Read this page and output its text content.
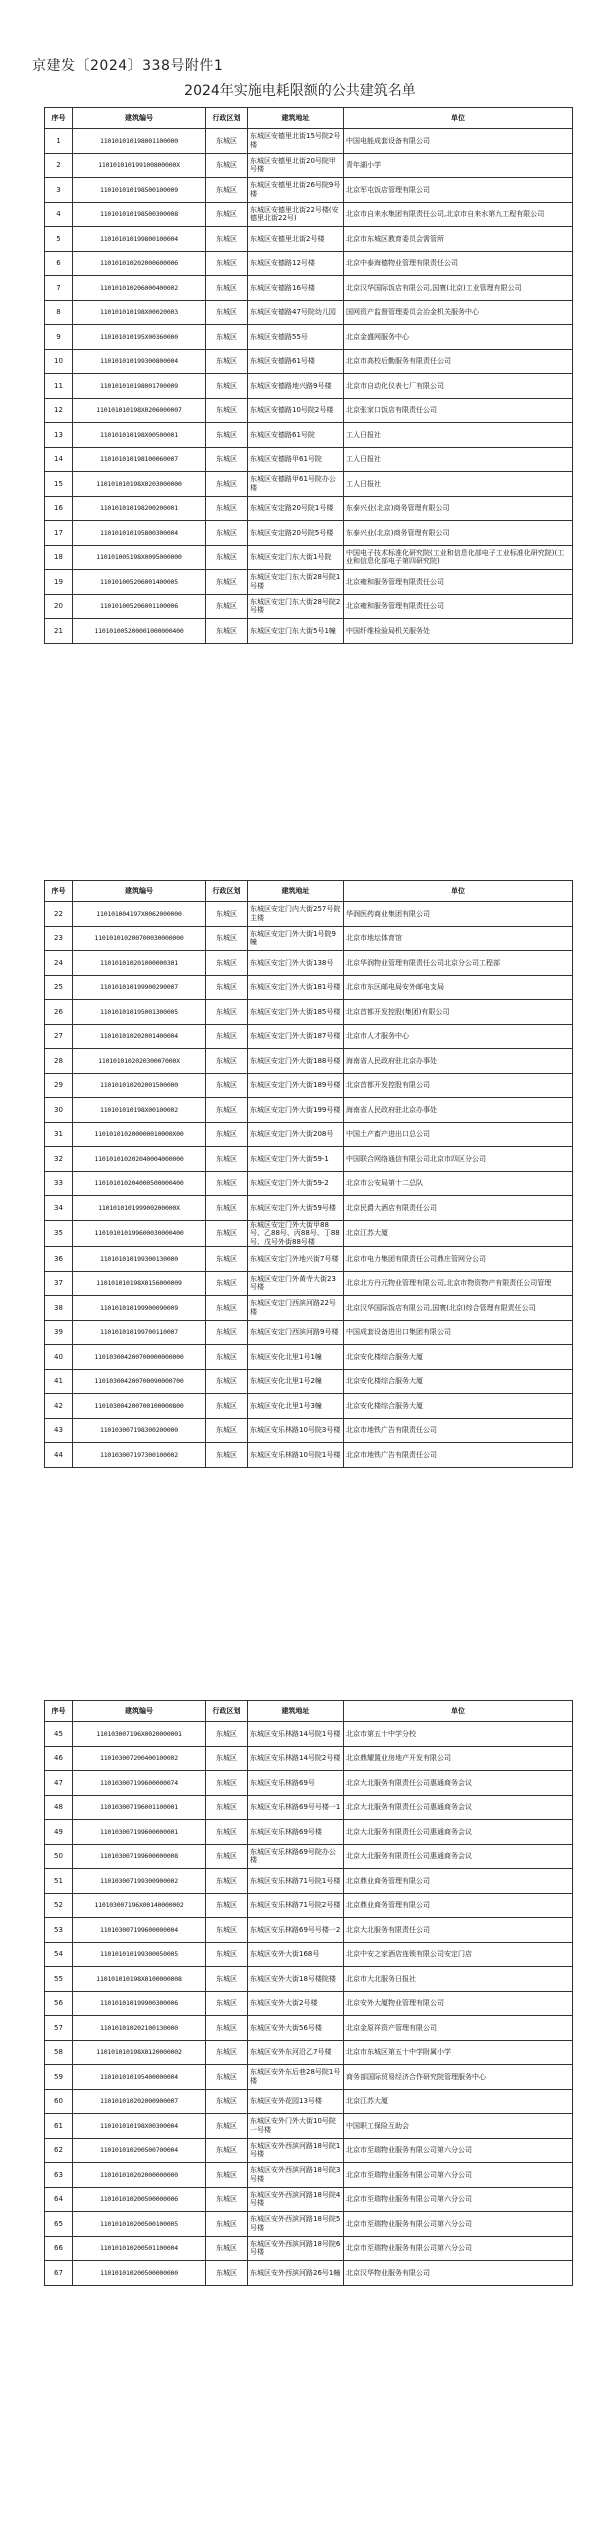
京建发〔2024〕338号附件1
2024年实施电耗限额的公共建筑名单
序号	建筑编号	行政区划	建筑地址	单位
1	110101010198001100000	东城区	东城区安德里北街15号院2号楼	中国电能成套设备有限公司
2	110101010199100800000X	东城区	东城区安德里北街20号院甲号楼	青年湖小学
3	110101010198500100009	东城区	东城区安德里北街26号院9号楼	北京军屯饭店管理有限公司
4	110101010198500300008	东城区	东城区安德里北街22号楼(安德里北街22号)	北京市自来水集团有限责任公司,北京市自来水第九工程有限公司
5	110101010199800100004	东城区	东城区安德里北街2号楼	北京市东城区教育委员会需管所
6	110101010202000600006	东城区	东城区安德路12号楼	北京中泰海德物业管理有限责任公司
7	110101010206000400002	东城区	东城区安德路16号楼	北京汉华国际饭店有限公司,国寰(北京)工业管理有限公司
8	110101010198X00020003	东城区	东城区安德路47号院幼儿园	国网资产监督管理委员会冶金机关服务中心
9	110101010195X00360000	东城区	东城区安德路55号	北京金盛网服务中心
10	110101010199300800004	东城区	东城区安德路61号楼	北京市高校后勤服务有限责任公司
11	110101010198001700009	东城区	东城区安德路地兴路9号楼	北京市自动化仪表七厂有限公司
12	110101010198X0206000007	东城区	东城区安德路10号院2号楼	北京张家口饭店有限责任公司
13	110101010198X00500001	东城区	东城区安德路61号院	工人日报社
14	110101010198100060007	东城区	东城区安德路甲61号院	工人日报社
15	110101010198X0203000000	东城区	东城区安德路甲61号院办公楼	工人日报社
16	110101010198200200001	东城区	东城区安定路20号院1号楼	东泰兴业(北京)商务管理有限公司
17	110101010195800300004	东城区	东城区安定路20号院5号楼	东泰兴业(北京)商务管理有限公司
18	110101005198X0095000000	东城区	东城区安定门东大街1号院	中国电子技术标准化研究院(工业和信息化部电子工业标准化研究院)(工业和信息化部电子第四研究院)
19	110101005206001400005	东城区	东城区安定门东大街28号院1号楼	北京雍和服务管理有限责任公司
20	110101005206001100006	东城区	东城区安定门东大街28号院2号楼	北京雍和服务管理有限责任公司
21	110101005200001000000400	东城区	东城区安定门东大街5号1幢	中国纤维检验局机关服务处
序号	建筑编号	行政区划	建筑地址	单位
22	110101004197X0062000000	东城区	东城区安定门内大街257号院主楼	华润医药商业集团有限公司
23	110101010200700030000000	东城区	东城区安定门外大街1号院9幢	北京市地坛体育馆
24	110101010201000000301	东城区	东城区安定门外大街138号	北京华润物业管理有限责任公司北京分公司工程部
25	110101010199900290007	东城区	东城区安定门外大街181号楼	北京市东区邮电局安外邮电支局
26	110101010195001300005	东城区	东城区安定门外大街185号楼	北京首都开发控股(集团)有限公司
27	110101010202001400004	东城区	东城区安定门外大街187号楼	北京市人才服务中心
28	110101010202030007000X	东城区	东城区安定门外大街188号楼	海南省人民政府驻北京办事处
29	110101010202001500000	东城区	东城区安定门外大街189号楼	北京首都开发控股有限公司
30	110101010198X00100002	东城区	东城区安定门外大街199号楼	海南省人民政府驻北京办事处
31	110101010200000010000X00	东城区	东城区安定门外大街208号	中国土产畜产进出口总公司
32	110101010202040004000000	东城区	东城区安定门外大街59-1	中国联合网络通信有限公司北京市四区分公司
33	110101010204000500000400	东城区	东城区安定门外大街59-2	北京市公安局第十二总队
34	110101010199900200000X	东城区	东城区安定门外大街59号楼	北京民爵大酒店有限责任公司
35	110101010199600030000400	东城区	东城区安定门外大街甲88号、乙88号、丙88号、丁88号、戊号外街88号楼	北京江苏大厦
36	110101010199300130000	东城区	东城区安定门外地兴街7号楼	北京市电力集团有限责任公司鼎庄管网分公司
37	110101010198X0156000009	东城区	东城区安定门外黄寺大街23号楼	北京北方丹元物业管理有限公司,北京市物资物产有限责任公司管理
38	110101010199900090009	东城区	东城区安定门西滨河路22号楼	北京汉华国际饭店有限公司,国寰(北京)综合管理有限责任公司
39	110101010199700110007	东城区	东城区安定门西滨河路9号楼	中国成套设备进出口集团有限公司
40	110103004200700000000000	东城区	东城区安化北里1号1幢	北京安化楼综合服务大厦
41	110103004200700090000700	东城区	东城区安化北里1号2幢	北京安化楼综合服务大厦
42	110103004200700100000800	东城区	东城区安化北里1号3幢	北京安化楼综合服务大厦
43	110103007198300200000	东城区	东城区安乐林路10号院3号楼	北京市地铁广告有限责任公司
44	110103007197300100002	东城区	东城区安乐林路10号院1号楼	北京市地铁广告有限责任公司
序号	建筑编号	行政区划	建筑地址	单位
45	110103007196X0020000001	东城区	东城区安乐林路14号院1号楼	北京市第五十中学分校
46	110103007200400100002	东城区	东城区安乐林路14号院2号楼	北京鼎耀置业房地产开发有限公司
47	110103007199600000074	东城区	东城区安乐林路69号	北京大北服务有限责任公司惠通商务会议
48	110103007196001100001	东城区	东城区安乐林路69号号楼一1	北京大北服务有限责任公司惠通商务会议
49	110103007199600000001	东城区	东城区安乐林路69号楼	北京大北服务有限责任公司惠通商务会议
50	110103007199600000008	东城区	东城区安乐林路69号院办公楼	北京大北服务有限责任公司惠通商务会议
51	110103007199300900002	东城区	东城区安乐林路71号院1号楼	北京鼎业商务管理有限公司
52	110103007196X00140000002	东城区	东城区安乐林路71号院2号楼	北京鼎业商务管理有限公司
53	110103007199600000004	东城区	东城区安乐林路69号号楼一2	北京大北服务有限责任公司
54	110101010199300050005	东城区	东城区安外大街168号	北京中安之家酒店连锁有限公司安定门店
55	110101010198X0100000008	东城区	东城区安外大街18号楼院楼	北京市大北服务日报社
56	110101010199900300006	东城区	东城区安外大街2号楼	北京安外大厦物业管理有限公司
57	110101010202100130000	东城区	东城区安外大街56号楼	北京金原祥资产管理有限公司
58	110101010198X0120000002	东城区	东城区安外东河沿乙7号楼	北京市东城区第五十中学附属小学
59	110101010195400000004	东城区	东城区安外东后巷28号院1号楼	商务部国际贸易经济合作研究院管理服务中心
60	110101010202000900007	东城区	东城区安外花园13号楼	北京江苏大厦
61	110101010198X00300004	东城区	东城区安外门外大街10号院一号楼	中国职工保险互助会
62	110101010200500700004	东城区	东城区安外西滨河路18号院1号楼	北京市至瑞物业服务有限公司第六分公司
63	110101010202000000000	东城区	东城区安外西滨河路18号院3号楼	北京市至瑞物业服务有限公司第六分公司
64	110101010200500000006	东城区	东城区安外西滨河路18号院4号楼	北京市至瑞物业服务有限公司第六分公司
65	110101010200500100005	东城区	东城区安外西滨河路18号院5号楼	北京市至瑞物业服务有限公司第六分公司
66	110101010200501100004	东城区	东城区安外西滨河路18号院6号楼	北京市至瑞物业服务有限公司第六分公司
67	110101010200500000000	东城区	东城区安外西滨河路26号1幢	北京汉华物业服务有限公司
